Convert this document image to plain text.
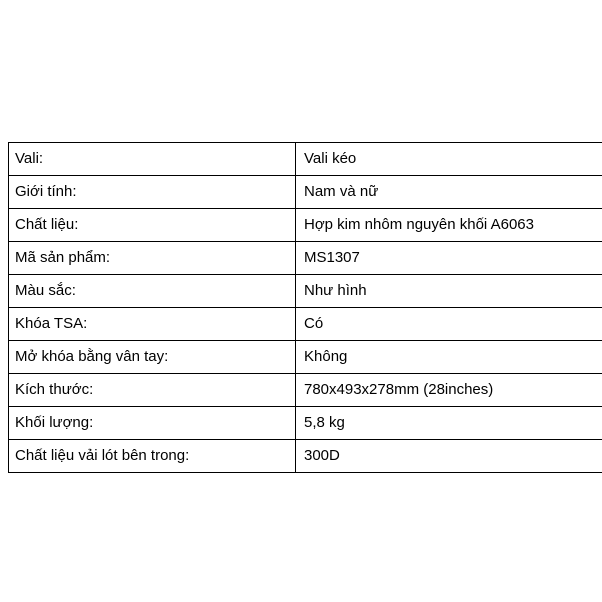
Vali:	Vali kéo
Giới tính:	Nam và nữ
Chất liệu:	Hợp kim nhôm nguyên khối A6063
Mã sản phẩm:	MS1307
Màu sắc:	Như hình
Khóa TSA:	Có
Mở khóa bằng vân tay:	Không
Kích thước:	780x493x278mm (28inches)
Khối lượng:	5,8 kg
Chất liệu vải lót bên trong:	300D
